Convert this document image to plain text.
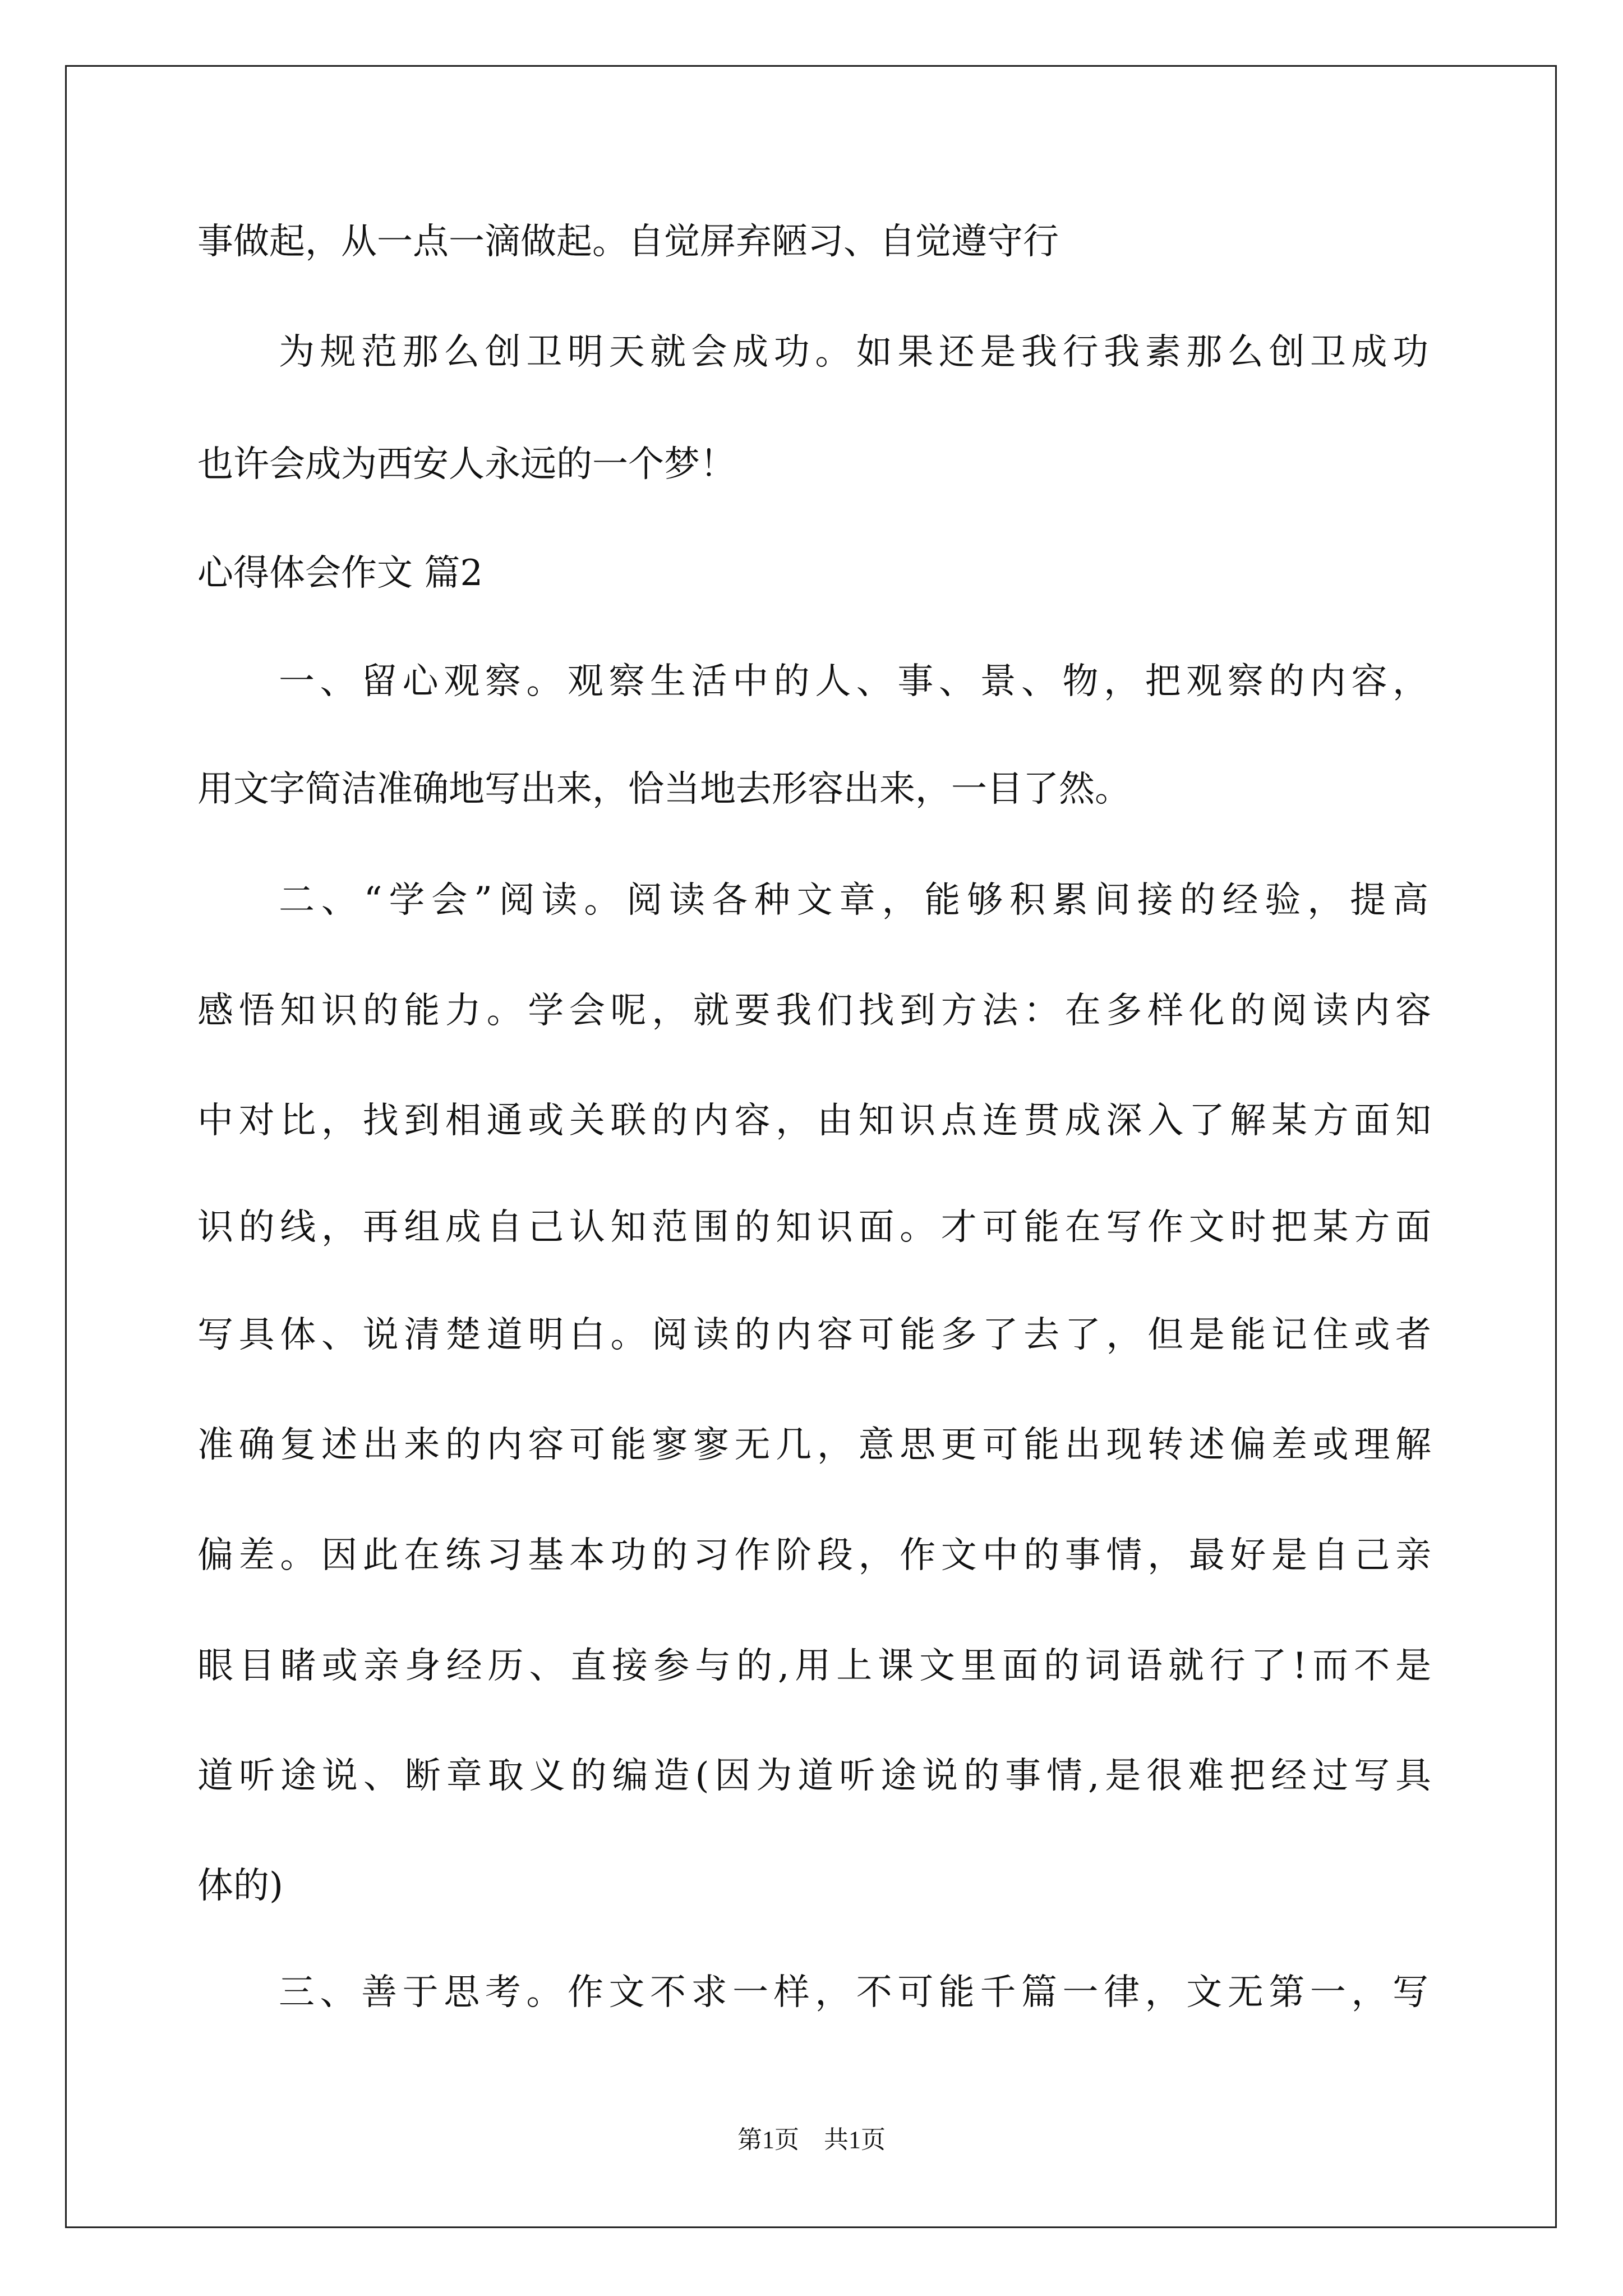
事做起，从一点一滴做起。自觉屏弃陋习、自觉遵守行
为规范那么创卫明天就会成功。如果还是我行我素那么创卫成功
也许会成为西安人永远的一个梦！
心得体会作文 篇2
一、留心观察。观察生活中的人、事、景、物，把观察的内容，
用文字简洁准确地写出来，恰当地去形容出来，一目了然。
二、“学会”阅读。阅读各种文章，能够积累间接的经验，提高
感悟知识的能力。学会呢，就要我们找到方法：在多样化的阅读内容
中对比，找到相通或关联的内容，由知识点连贯成深入了解某方面知
识的线，再组成自己认知范围的知识面。才可能在写作文时把某方面
写具体、说清楚道明白。阅读的内容可能多了去了，但是能记住或者
准确复述出来的内容可能寥寥无几，意思更可能出现转述偏差或理解
偏差。因此在练习基本功的习作阶段，作文中的事情，最好是自己亲
眼目睹或亲身经历、直接参与的,用上课文里面的词语就行了!而不是
道听途说、断章取义的编造(因为道听途说的事情,是很难把经过写具
体的)
三、善于思考。作文不求一样，不可能千篇一律，文无第一，写
第1页　共1页
